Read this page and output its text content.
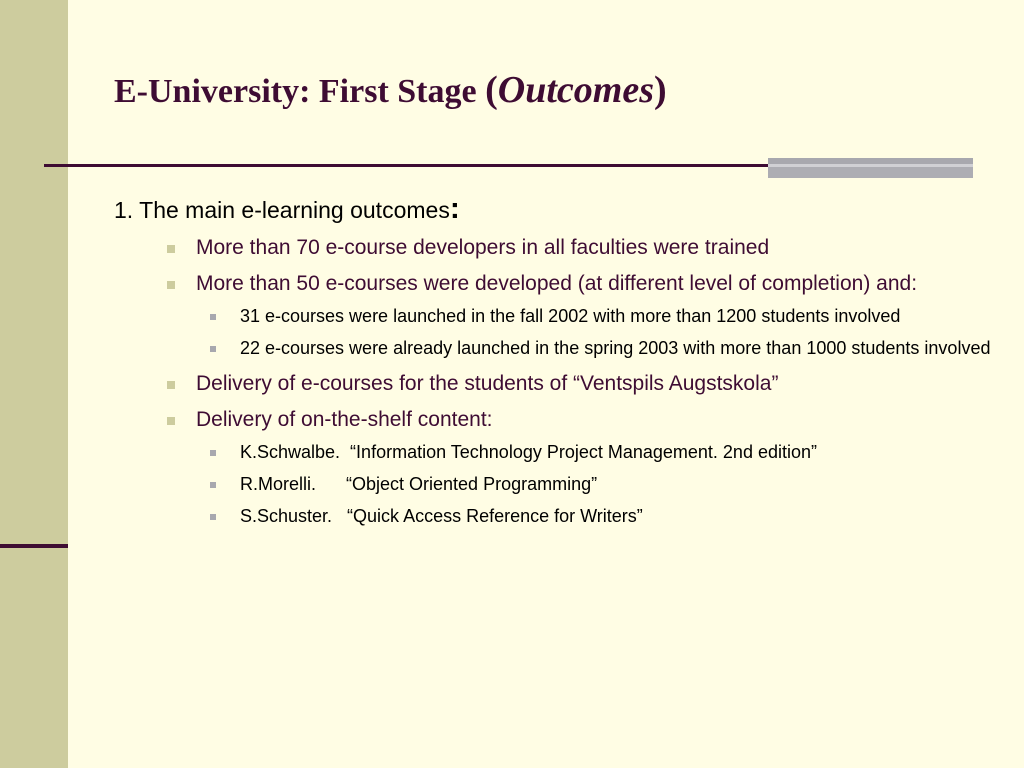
E-University: First Stage (Outcomes)

1. The main e-learning outcomes:

More than 70 e-course developers in all faculties were trained
More than 50 e-courses were developed (at different level of completion) and:
31 e-courses were launched in the fall 2002 with more than 1200 students involved
22 e-courses were already launched in the spring 2003 with more than 1000 students involved
Delivery of e-courses for the students of “Ventspils Augstskola”
Delivery of on-the-shelf content:
K.Schwalbe.  “Information Technology Project Management. 2nd edition”
R.Morelli.      “Object Oriented Programming”
S.Schuster.   “Quick Access Reference for Writers”
